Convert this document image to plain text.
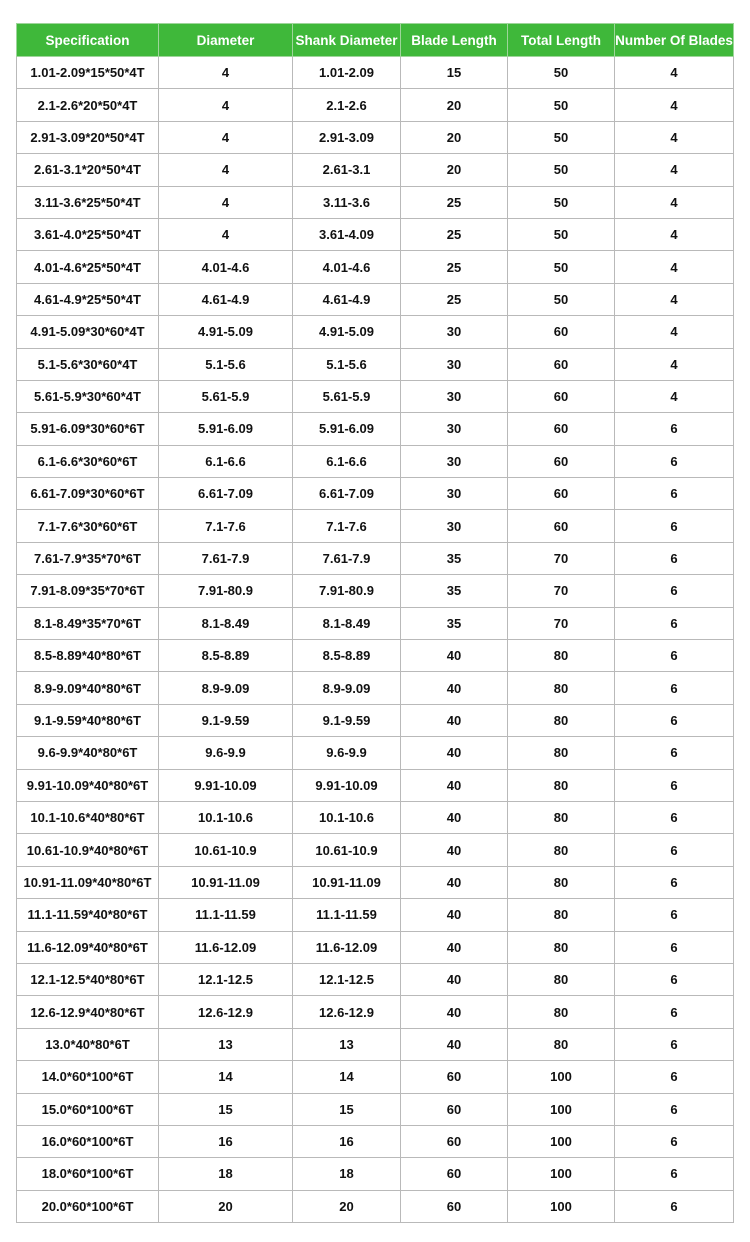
Specification	Diameter	Shank Diameter	Blade Length	Total Length	Number Of Blades
1.01-2.09*15*50*4T	4	1.01-2.09	15	50	4
2.1-2.6*20*50*4T	4	2.1-2.6	20	50	4
2.91-3.09*20*50*4T	4	2.91-3.09	20	50	4
2.61-3.1*20*50*4T	4	2.61-3.1	20	50	4
3.11-3.6*25*50*4T	4	3.11-3.6	25	50	4
3.61-4.0*25*50*4T	4	3.61-4.09	25	50	4
4.01-4.6*25*50*4T	4.01-4.6	4.01-4.6	25	50	4
4.61-4.9*25*50*4T	4.61-4.9	4.61-4.9	25	50	4
4.91-5.09*30*60*4T	4.91-5.09	4.91-5.09	30	60	4
5.1-5.6*30*60*4T	5.1-5.6	5.1-5.6	30	60	4
5.61-5.9*30*60*4T	5.61-5.9	5.61-5.9	30	60	4
5.91-6.09*30*60*6T	5.91-6.09	5.91-6.09	30	60	6
6.1-6.6*30*60*6T	6.1-6.6	6.1-6.6	30	60	6
6.61-7.09*30*60*6T	6.61-7.09	6.61-7.09	30	60	6
7.1-7.6*30*60*6T	7.1-7.6	7.1-7.6	30	60	6
7.61-7.9*35*70*6T	7.61-7.9	7.61-7.9	35	70	6
7.91-8.09*35*70*6T	7.91-80.9	7.91-80.9	35	70	6
8.1-8.49*35*70*6T	8.1-8.49	8.1-8.49	35	70	6
8.5-8.89*40*80*6T	8.5-8.89	8.5-8.89	40	80	6
8.9-9.09*40*80*6T	8.9-9.09	8.9-9.09	40	80	6
9.1-9.59*40*80*6T	9.1-9.59	9.1-9.59	40	80	6
9.6-9.9*40*80*6T	9.6-9.9	9.6-9.9	40	80	6
9.91-10.09*40*80*6T	9.91-10.09	9.91-10.09	40	80	6
10.1-10.6*40*80*6T	10.1-10.6	10.1-10.6	40	80	6
10.61-10.9*40*80*6T	10.61-10.9	10.61-10.9	40	80	6
10.91-11.09*40*80*6T	10.91-11.09	10.91-11.09	40	80	6
11.1-11.59*40*80*6T	11.1-11.59	11.1-11.59	40	80	6
11.6-12.09*40*80*6T	11.6-12.09	11.6-12.09	40	80	6
12.1-12.5*40*80*6T	12.1-12.5	12.1-12.5	40	80	6
12.6-12.9*40*80*6T	12.6-12.9	12.6-12.9	40	80	6
13.0*40*80*6T	13	13	40	80	6
14.0*60*100*6T	14	14	60	100	6
15.0*60*100*6T	15	15	60	100	6
16.0*60*100*6T	16	16	60	100	6
18.0*60*100*6T	18	18	60	100	6
20.0*60*100*6T	20	20	60	100	6
